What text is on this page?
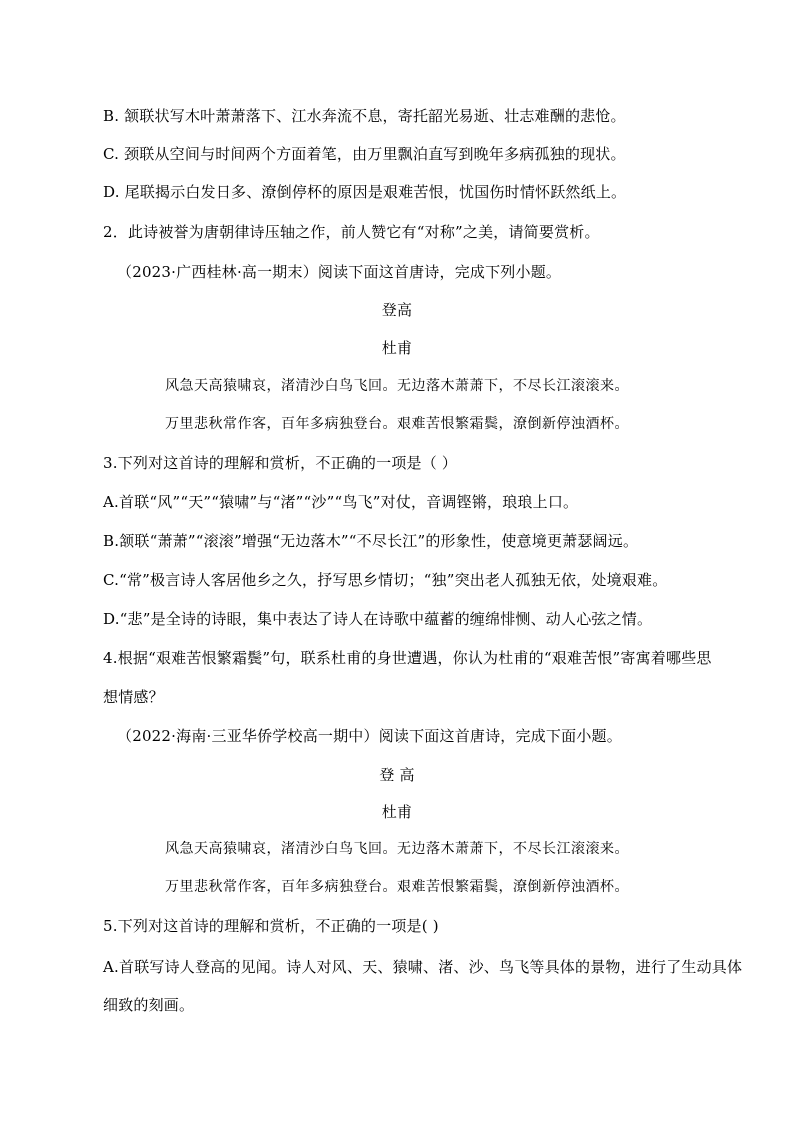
B. 颔联状写木叶萧萧落下、江水奔流不息，寄托韶光易逝、壮志难酬的悲怆。
C. 颈联从空间与时间两个方面着笔，由万里飘泊直写到晚年多病孤独的现状。
D. 尾联揭示白发日多、潦倒停杯的原因是艰难苦恨，忧国伤时情怀跃然纸上。
2．此诗被誉为唐朝律诗压轴之作，前人赞它有“对称”之美，请简要赏析。
（2023·广西桂林·高一期末）阅读下面这首唐诗，完成下列小题。
登高
杜甫
风急天高猿啸哀，渚清沙白鸟飞回。无边落木萧萧下，不尽长江滚滚来。
万里悲秋常作客，百年多病独登台。艰难苦恨繁霜鬓，潦倒新停浊酒杯。
3.下列对这首诗的理解和赏析，不正确的一项是（ ）
A.首联“风”“天”“猿啸”与“渚”“沙”“鸟飞”对仗，音调铿锵，琅琅上口。
B.颔联“萧萧”“滚滚”增强“无边落木”“不尽长江”的形象性，使意境更萧瑟阔远。
C.“常”极言诗人客居他乡之久，抒写思乡情切；“独”突出老人孤独无依，处境艰难。
D.“悲”是全诗的诗眼，集中表达了诗人在诗歌中蕴蓄的缠绵悱恻、动人心弦之情。
4.根据“艰难苦恨繁霜鬓”句，联系杜甫的身世遭遇，你认为杜甫的“艰难苦恨”寄寓着哪些思
想情感？
（2022·海南·三亚华侨学校高一期中）阅读下面这首唐诗，完成下面小题。
登 高
杜甫
风急天高猿啸哀，渚清沙白鸟飞回。无边落木萧萧下，不尽长江滚滚来。
万里悲秋常作客，百年多病独登台。艰难苦恨繁霜鬓，潦倒新停浊酒杯。
5.下列对这首诗的理解和赏析，不正确的一项是( )
A.首联写诗人登高的见闻。诗人对风、天、猿啸、渚、沙、鸟飞等具体的景物，进行了生动具体
细致的刻画。
